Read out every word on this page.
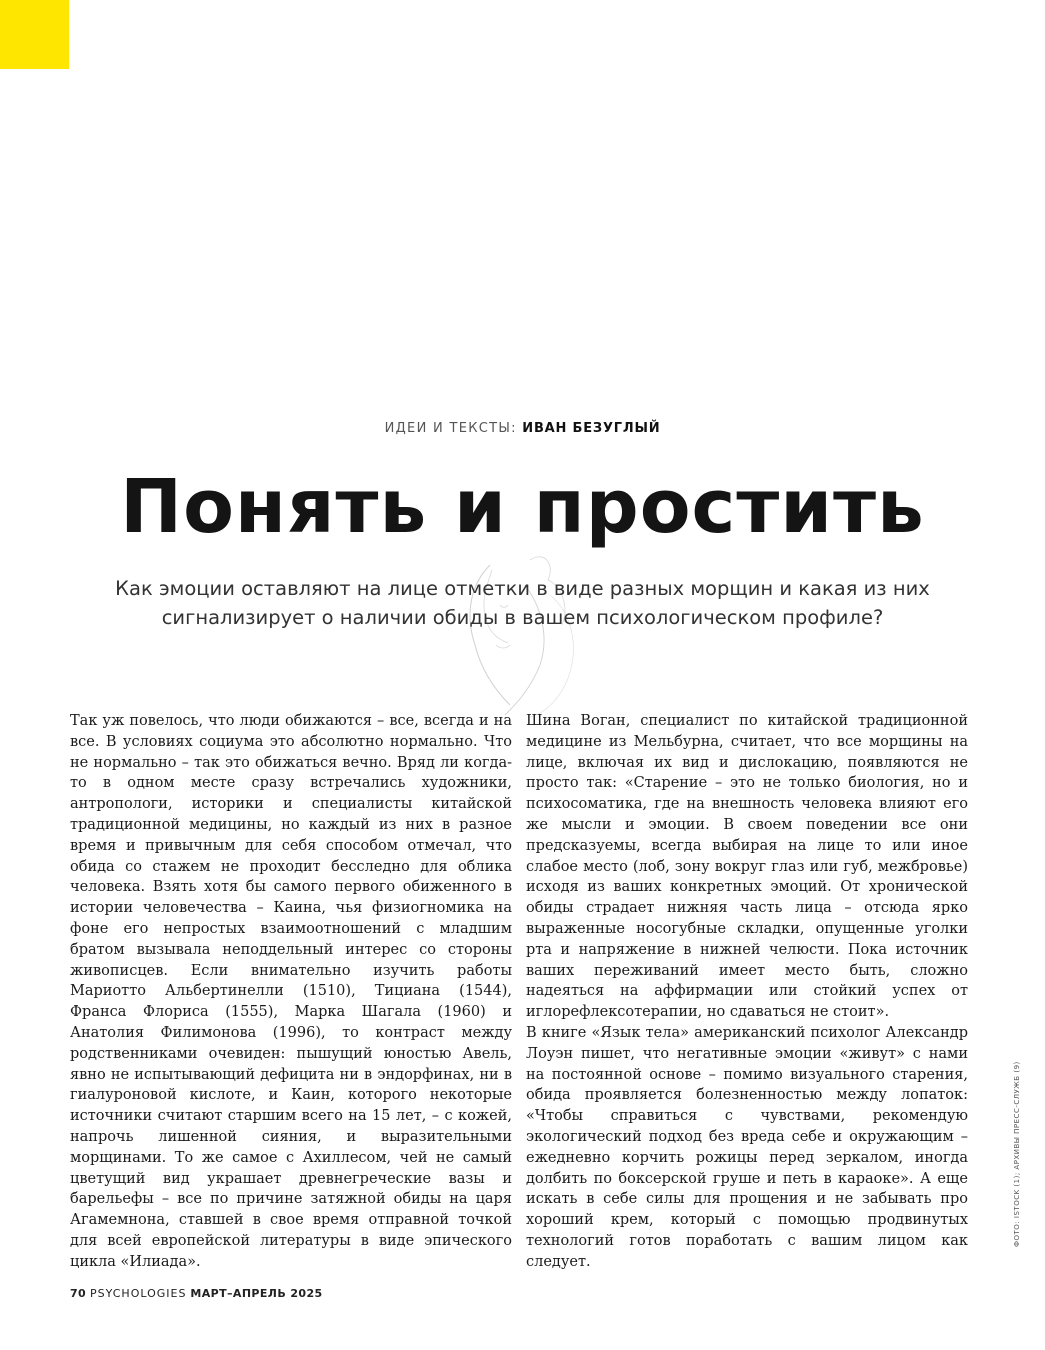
ИДЕИ И ТЕКСТЫ: ИВАН БЕЗУГЛЫЙ
Понять и простить

Как эмоции оставляют на лице отметки в виде разных морщин и какая из них сигнализирует о наличии обиды в вашем психологическом профиле?

Так уж повелось, что люди обижаются – все, всегда и на все. В условиях социума это абсолютно нормально. Что не нормально – так это обижаться вечно. Вряд ли когда-то в одном месте сразу встречались художники, антропологи, историки и специалисты китайской традиционной медицины, но каждый из них в разное время и привычным для себя способом отмечал, что обида со стажем не проходит бесследно для облика человека. Взять хотя бы самого первого обиженного в истории человечества – Каина, чья физиогномика на фоне его непростых взаимоотношений с младшим братом вызывала неподдельный интерес со стороны живописцев. Если внимательно изучить работы Мариотто Альбертинелли (1510), Тициана (1544), Франса Флориса (1555), Марка Шагала (1960) и Анатолия Филимонова (1996), то контраст между родственниками очевиден: пышущий юностью Авель, явно не испытывающий дефицита ни в эндорфинах, ни в гиалуроновой кислоте, и Каин, которого некоторые источники считают старшим всего на 15 лет, – с кожей, напрочь лишенной сияния, и выразительными морщинами. То же самое с Ахиллесом, чей не самый цветущий вид украшает древнегреческие вазы и барельефы – все по причине затяжной обиды на царя Агамемнона, ставшей в свое время отправной точкой для всей европейской литературы в виде эпического цикла «Илиада».

Шина Воган, специалист по китайской традиционной медицине из Мельбурна, считает, что все морщины на лице, включая их вид и дислокацию, появляются не просто так: «Старение – это не только биология, но и психосоматика, где на внешность человека влияют его же мысли и эмоции. В своем поведении все они предсказуемы, всегда выбирая на лице то или иное слабое место (лоб, зону вокруг глаз или губ, межбровье) исходя из ваших конкретных эмоций. От хронической обиды страдает нижняя часть лица – отсюда ярко выраженные носогубные складки, опущенные уголки рта и напряжение в нижней челюсти. Пока источник ваших переживаний имеет место быть, сложно надеяться на аффирмации или стойкий успех от иглорефлексотерапии, но сдаваться не стоит».

В книге «Язык тела» американский психолог Александр Лоуэн пишет, что негативные эмоции «живут» с нами на постоянной основе – помимо визуального старения, обида проявляется болезненностью между лопаток: «Чтобы справиться с чувствами, рекомендую экологический подход без вреда себе и окружающим – ежедневно корчить рожицы перед зеркалом, иногда долбить по боксерской груше и петь в караоке». А еще искать в себе силы для прощения и не забывать про хороший крем, который с помощью продвинутых технологий готов поработать с вашим лицом как следует.

70 PSYCHOLOGIES МАРТ–АПРЕЛЬ 2025
ФОТО: ISTOCK (1); АРХИВЫ ПРЕСС-СЛУЖБ (9)
